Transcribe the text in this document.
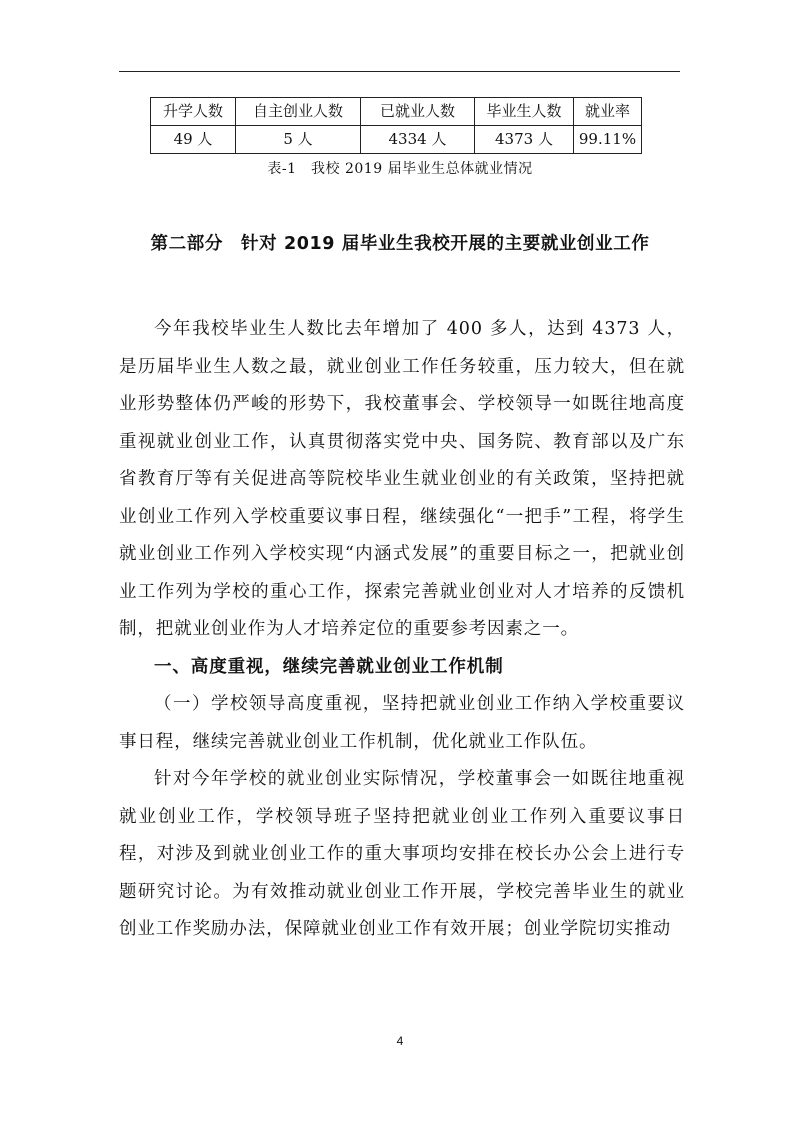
升学人数	自主创业人数	已就业人数	毕业生人数	就业率
49 人	5 人	4334 人	4373 人	99.11%
表-1　我校 2019 届毕业生总体就业情况
第二部分　针对 2019 届毕业生我校开展的主要就业创业工作

今年我校毕业生人数比去年增加了 400 多人，达到 4373 人，是历届毕业生人数之最，就业创业工作任务较重，压力较大，但在就业形势整体仍严峻的形势下，我校董事会、学校领导一如既往地高度重视就业创业工作，认真贯彻落实党中央、国务院、教育部以及广东省教育厅等有关促进高等院校毕业生就业创业的有关政策，坚持把就业创业工作列入学校重要议事日程，继续强化“一把手”工程，将学生就业创业工作列入学校实现“内涵式发展”的重要目标之一，把就业创业工作列为学校的重心工作，探索完善就业创业对人才培养的反馈机制，把就业创业作为人才培养定位的重要参考因素之一。

一、高度重视，继续完善就业创业工作机制

（一）学校领导高度重视，坚持把就业创业工作纳入学校重要议事日程，继续完善就业创业工作机制，优化就业工作队伍。

针对今年学校的就业创业实际情况，学校董事会一如既往地重视就业创业工作，学校领导班子坚持把就业创业工作列入重要议事日程，对涉及到就业创业工作的重大事项均安排在校长办公会上进行专题研究讨论。为有效推动就业创业工作开展，学校完善毕业生的就业创业工作奖励办法，保障就业创业工作有效开展；创业学院切实推动

4
